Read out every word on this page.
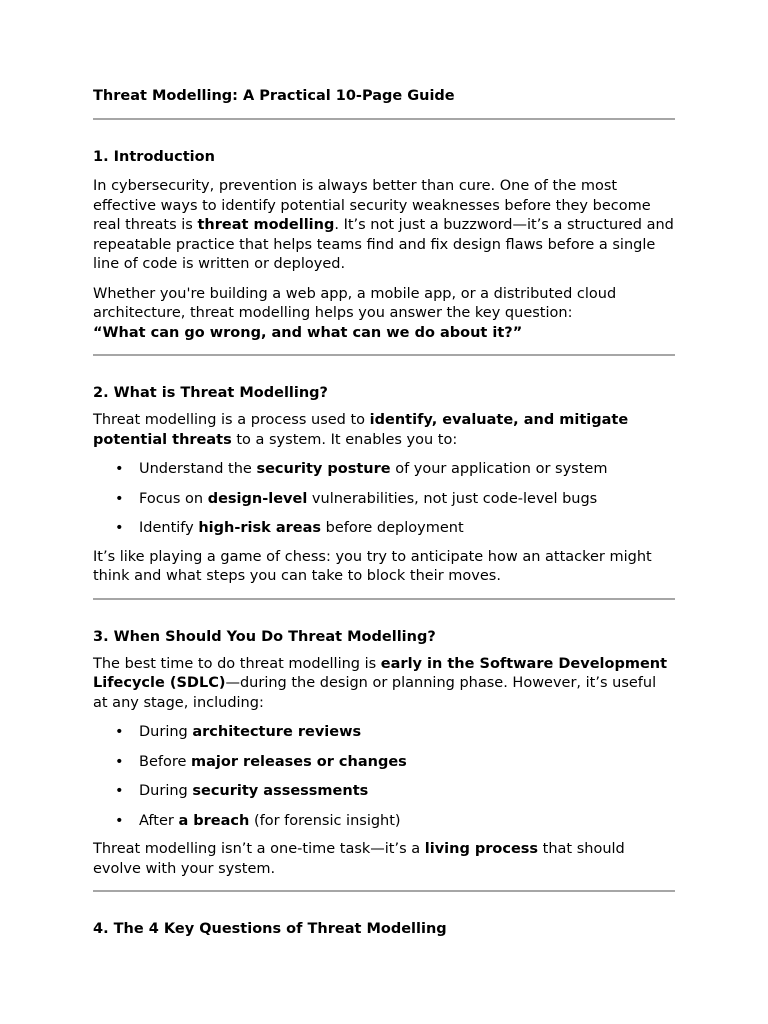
Threat Modelling: A Practical 10-Page Guide
1. Introduction

In cybersecurity, prevention is always better than cure. One of the most effective ways to identify potential security weaknesses before they become real threats is threat modelling. It’s not just a buzzword—it’s a structured and repeatable practice that helps teams find and fix design flaws before a single line of code is written or deployed.

Whether you're building a web app, a mobile app, or a distributed cloud architecture, threat modelling helps you answer the key question:
“What can go wrong, and what can we do about it?”

2. What is Threat Modelling?

Threat modelling is a process used to identify, evaluate, and mitigate potential threats to a system. It enables you to:

• Understand the security posture of your application or system
• Focus on design-level vulnerabilities, not just code-level bugs
• Identify high-risk areas before deployment

It’s like playing a game of chess: you try to anticipate how an attacker might think and what steps you can take to block their moves.

3. When Should You Do Threat Modelling?

The best time to do threat modelling is early in the Software Development Lifecycle (SDLC)—during the design or planning phase. However, it’s useful at any stage, including:

• During architecture reviews
• Before major releases or changes
• During security assessments
• After a breach (for forensic insight)

Threat modelling isn’t a one-time task—it’s a living process that should evolve with your system.

4. The 4 Key Questions of Threat Modelling
